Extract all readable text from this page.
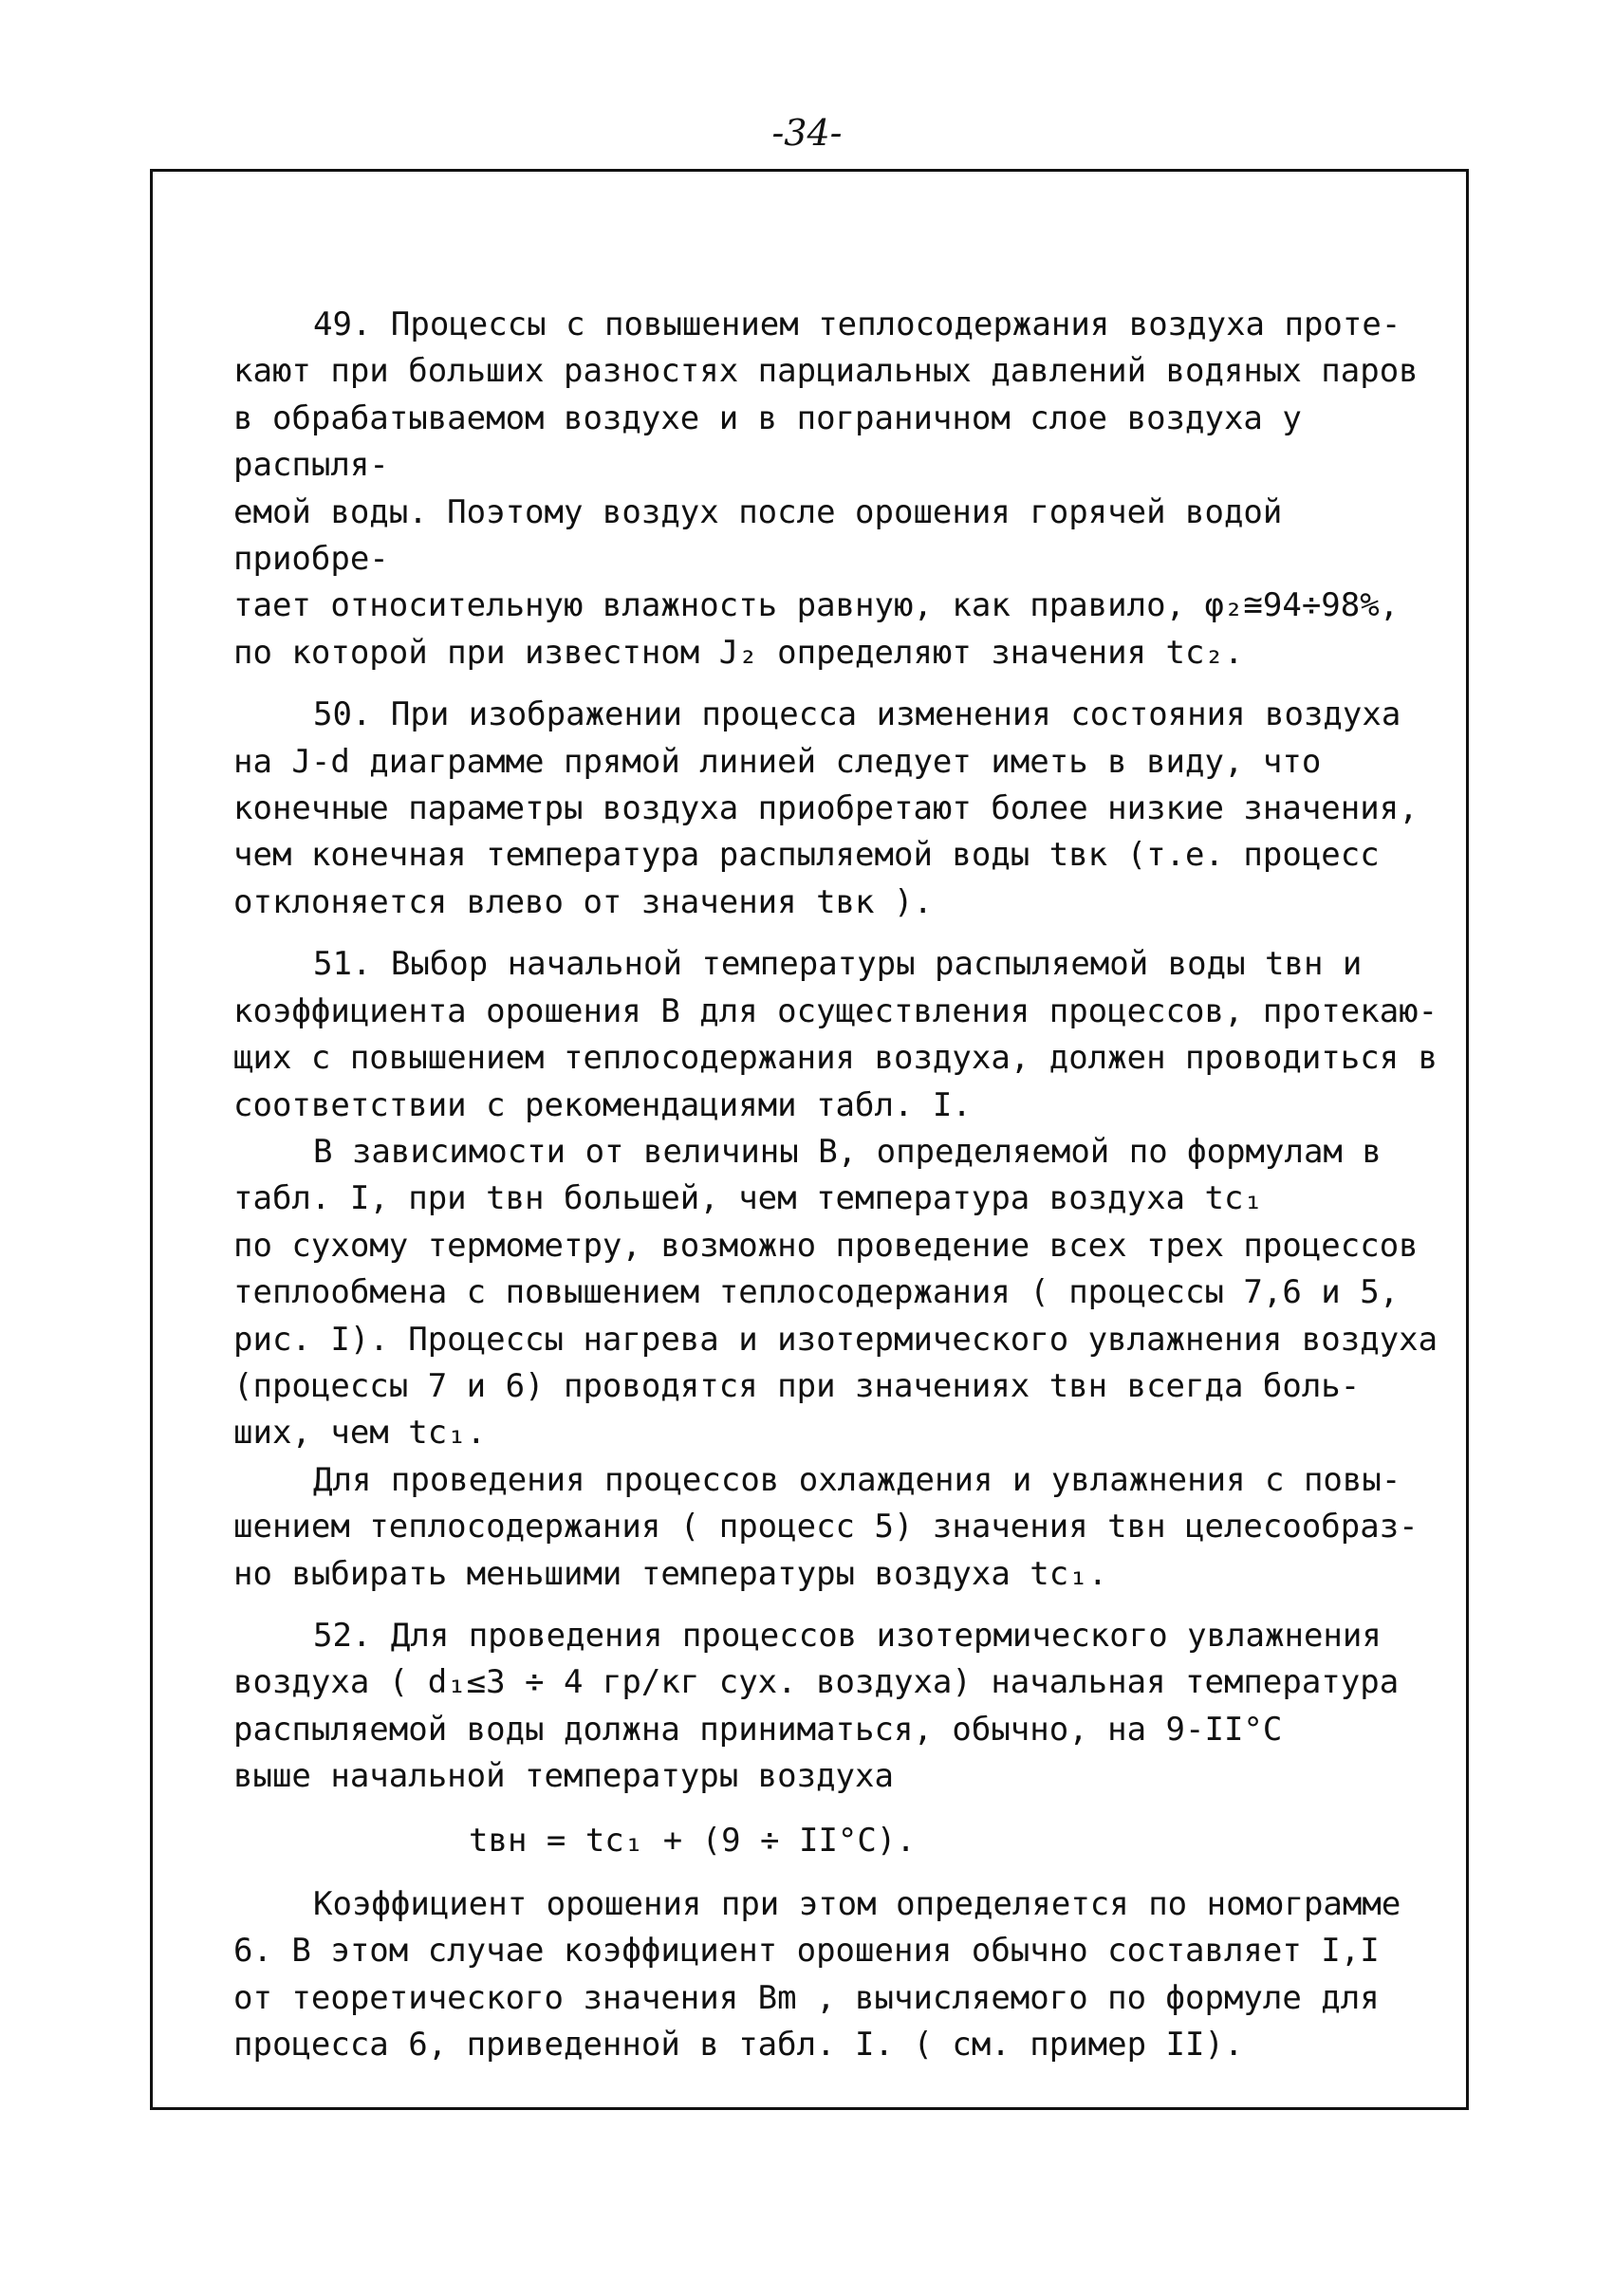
-34-

49. Процессы с повышением теплосодержания воздуха проте-

кают при больших разностях парциальных давлений водяных паров

в обрабатываемом воздухе и в пограничном слое воздуха у распыля-

емой воды. Поэтому воздух после орошения горячей водой приобре-

тает относительную влажность равную, как правило, φ₂≅94÷98%,

по которой при известном J₂ определяют значения tc₂.

50. При изображении процесса изменения состояния воздуха

на J-d диаграмме прямой линией следует иметь в виду, что

конечные параметры воздуха приобретают более низкие значения,

чем конечная температура распыляемой воды tвк (т.е. процесс

отклоняется влево от значения tвк ).

51. Выбор начальной температуры распыляемой воды tвн и

коэффициента орошения В для осуществления процессов, протекаю-

щих с повышением теплосодержания воздуха, должен проводиться в

соответствии с рекомендациями табл. I.

В зависимости от величины В, определяемой по формулам в

табл. I, при tвн большей, чем температура воздуха tc₁

по сухому термометру, возможно проведение всех трех процессов

теплообмена с повышением теплосодержания ( процессы 7,6 и 5,

рис. I). Процессы нагрева и изотермического увлажнения воздуха

(процессы 7 и 6) проводятся при значениях tвн всегда боль-

ших, чем tc₁.

Для проведения процессов охлаждения и увлажнения с повы-

шением теплосодержания ( процесс 5) значения tвн целесообраз-

но выбирать меньшими температуры воздуха tc₁.

52. Для проведения процессов изотермического увлажнения

воздуха ( d₁≤3 ÷ 4 гр/кг сух. воздуха) начальная температура

распыляемой воды должна приниматься, обычно, на 9-II°С

выше начальной температуры воздуха

tвн = tc₁ + (9 ÷ II°С).

Коэффициент орошения при этом определяется по номограмме

6. В этом случае коэффициент орошения обычно составляет I,I

от теоретического значения Bm , вычисляемого по формуле для

процесса 6, приведенной в табл. I. ( см. пример II).
